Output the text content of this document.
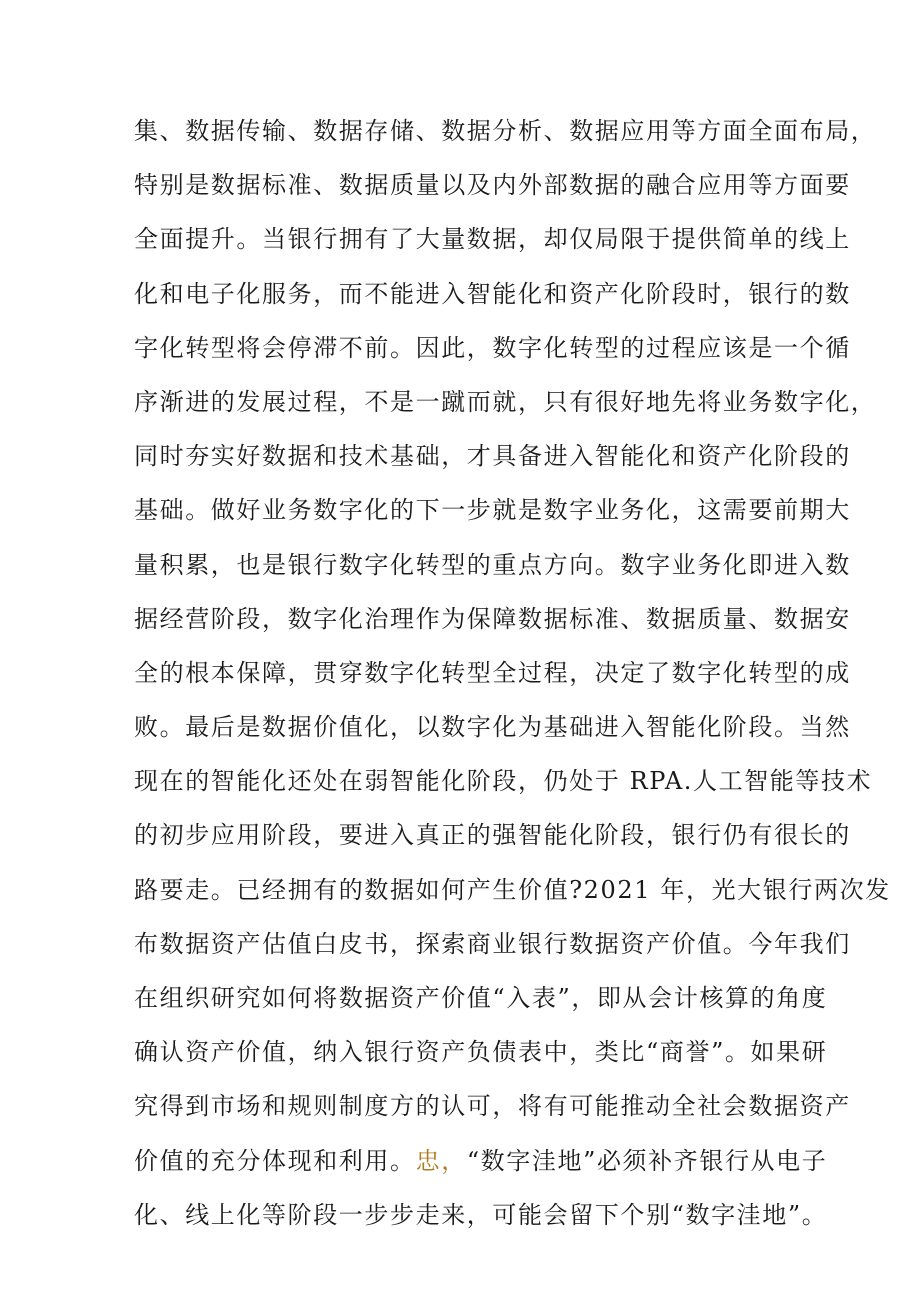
集、数据传输、数据存储、数据分析、数据应用等方面全面布局，
特别是数据标准、数据质量以及内外部数据的融合应用等方面要
全面提升。当银行拥有了大量数据，却仅局限于提供简单的线上
化和电子化服务，而不能进入智能化和资产化阶段时，银行的数
字化转型将会停滞不前。因此，数字化转型的过程应该是一个循
序渐进的发展过程，不是一蹴而就，只有很好地先将业务数字化，
同时夯实好数据和技术基础，才具备进入智能化和资产化阶段的
基础。做好业务数字化的下一步就是数字业务化，这需要前期大
量积累，也是银行数字化转型的重点方向。数字业务化即进入数
据经营阶段，数字化治理作为保障数据标准、数据质量、数据安
全的根本保障，贯穿数字化转型全过程，决定了数字化转型的成
败。最后是数据价值化，以数字化为基础进入智能化阶段。当然
现在的智能化还处在弱智能化阶段，仍处于 RPA.人工智能等技术
的初步应用阶段，要进入真正的强智能化阶段，银行仍有很长的
路要走。已经拥有的数据如何产生价值?2021 年，光大银行两次发
布数据资产估值白皮书，探索商业银行数据资产价值。今年我们
在组织研究如何将数据资产价值“入表”，即从会计核算的角度
确认资产价值，纳入银行资产负债表中，类比“商誉”。如果研
究得到市场和规则制度方的认可，将有可能推动全社会数据资产
价值的充分体现和利用。忠，“数字洼地”必须补齐银行从电子
化、线上化等阶段一步步走来，可能会留下个别“数字洼地”。
